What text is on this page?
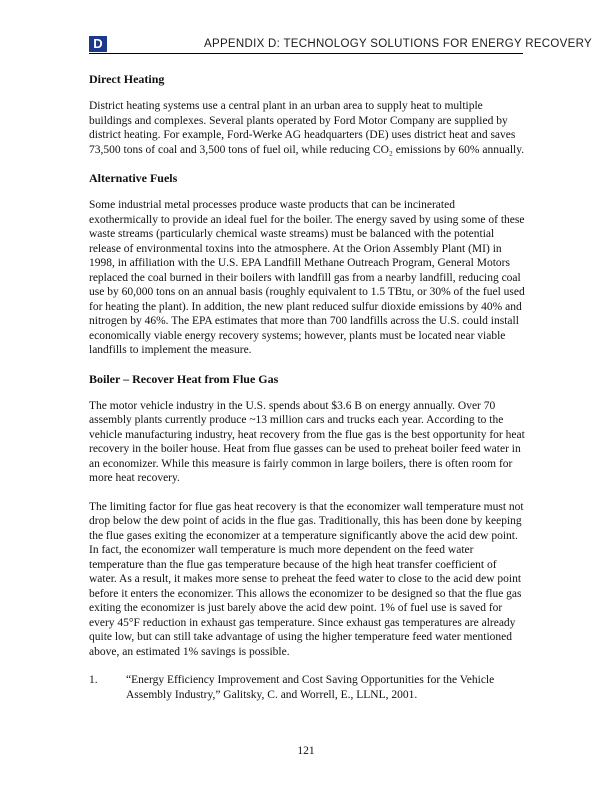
D	APPENDIX D: TECHNOLOGY SOLUTIONS FOR ENERGY RECOVERY
Direct Heating

District heating systems use a central plant in an urban area to supply heat to multiple buildings and complexes. Several plants operated by Ford Motor Company are supplied by district heating. For example, Ford-Werke AG headquarters (DE) uses district heat and saves 73,500 tons of coal and 3,500 tons of fuel oil, while reducing CO₂ emissions by 60% annually.

Alternative Fuels

Some industrial metal processes produce waste products that can be incinerated exothermically to provide an ideal fuel for the boiler. The energy saved by using some of these waste streams (particularly chemical waste streams) must be balanced with the potential release of environmental toxins into the atmosphere. At the Orion Assembly Plant (MI) in 1998, in affiliation with the U.S. EPA Landfill Methane Outreach Program, General Motors replaced the coal burned in their boilers with landfill gas from a nearby landfill, reducing coal use by 60,000 tons on an annual basis (roughly equivalent to 1.5 TBtu, or 30% of the fuel used for heating the plant). In addition, the new plant reduced sulfur dioxide emissions by 40% and nitrogen by 46%. The EPA estimates that more than 700 landfills across the U.S. could install economically viable energy recovery systems; however, plants must be located near viable landfills to implement the measure.

Boiler – Recover Heat from Flue Gas

The motor vehicle industry in the U.S. spends about $3.6 B on energy annually. Over 70 assembly plants currently produce ~13 million cars and trucks each year. According to the vehicle manufacturing industry, heat recovery from the flue gas is the best opportunity for heat recovery in the boiler house. Heat from flue gasses can be used to preheat boiler feed water in an economizer. While this measure is fairly common in large boilers, there is often room for more heat recovery.

The limiting factor for flue gas heat recovery is that the economizer wall temperature must not drop below the dew point of acids in the flue gas. Traditionally, this has been done by keeping the flue gases exiting the economizer at a temperature significantly above the acid dew point. In fact, the economizer wall temperature is much more dependent on the feed water temperature than the flue gas temperature because of the high heat transfer coefficient of water. As a result, it makes more sense to preheat the feed water to close to the acid dew point before it enters the economizer. This allows the economizer to be designed so that the flue gas exiting the economizer is just barely above the acid dew point. 1% of fuel use is saved for every 45°F reduction in exhaust gas temperature. Since exhaust gas temperatures are already quite low, but can still take advantage of using the higher temperature feed water mentioned above, an estimated 1% savings is possible.

1.	“Energy Efficiency Improvement and Cost Saving Opportunities for the Vehicle Assembly Industry,” Galitsky, C. and Worrell, E., LLNL, 2001.
121
